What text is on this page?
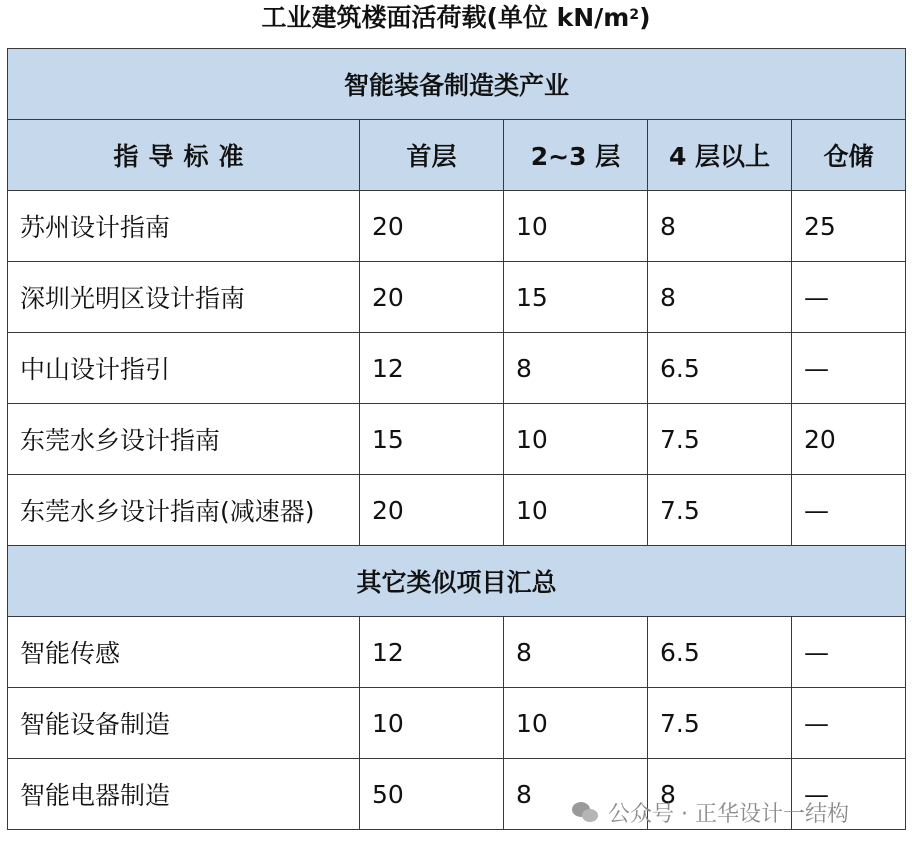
工业建筑楼面活荷载(单位 $kN/m^2$)
智能装备制造类产业				
指导标准	首层	2~3 层	4 层以上	仓储
苏州设计指南	20	10	8	25
深圳光明区设计指南	20	15	8	—
中山设计指引	12	8	6.5	—
东莞水乡设计指南	15	10	7.5	20
东莞水乡设计指南(减速器)	20	10	7.5	—
其它类似项目汇总				
智能传感	12	8	6.5	—
智能设备制造	10	10	7.5	—
智能电器制造	50	8	8	—
公众号 · 正华设计一结构
